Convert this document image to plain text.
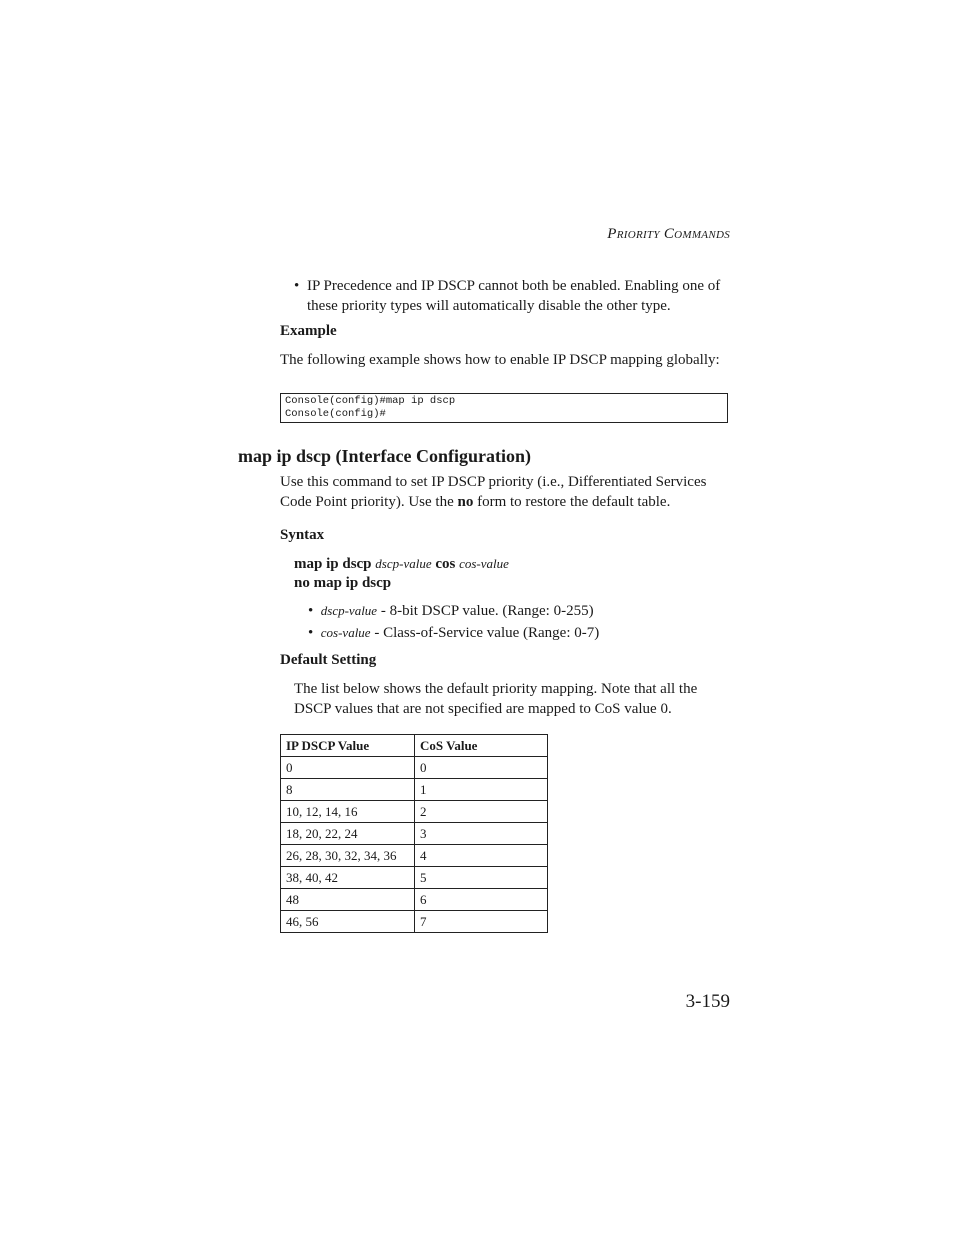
Priority Commands
• IP Precedence and IP DSCP cannot both be enabled. Enabling one of these priority types will automatically disable the other type.
Example
The following example shows how to enable IP DSCP mapping globally:
Console(config)#map ip dscp
Console(config)#
map ip dscp (Interface Configuration)
Use this command to set IP DSCP priority (i.e., Differentiated Services Code Point priority). Use the no form to restore the default table.
Syntax
map ip dscp dscp-value cos cos-value
no map ip dscp
•  dscp-value - 8-bit DSCP value. (Range: 0-255)
•  cos-value - Class-of-Service value (Range: 0-7)
Default Setting
The list below shows the default priority mapping. Note that all the DSCP values that are not specified are mapped to CoS value 0.
IP DSCP Value	CoS Value
0	0
8	1
10, 12, 14, 16	2
18, 20, 22, 24	3
26, 28, 30, 32, 34, 36	4
38, 40, 42	5
48	6
46, 56	7
3-159
